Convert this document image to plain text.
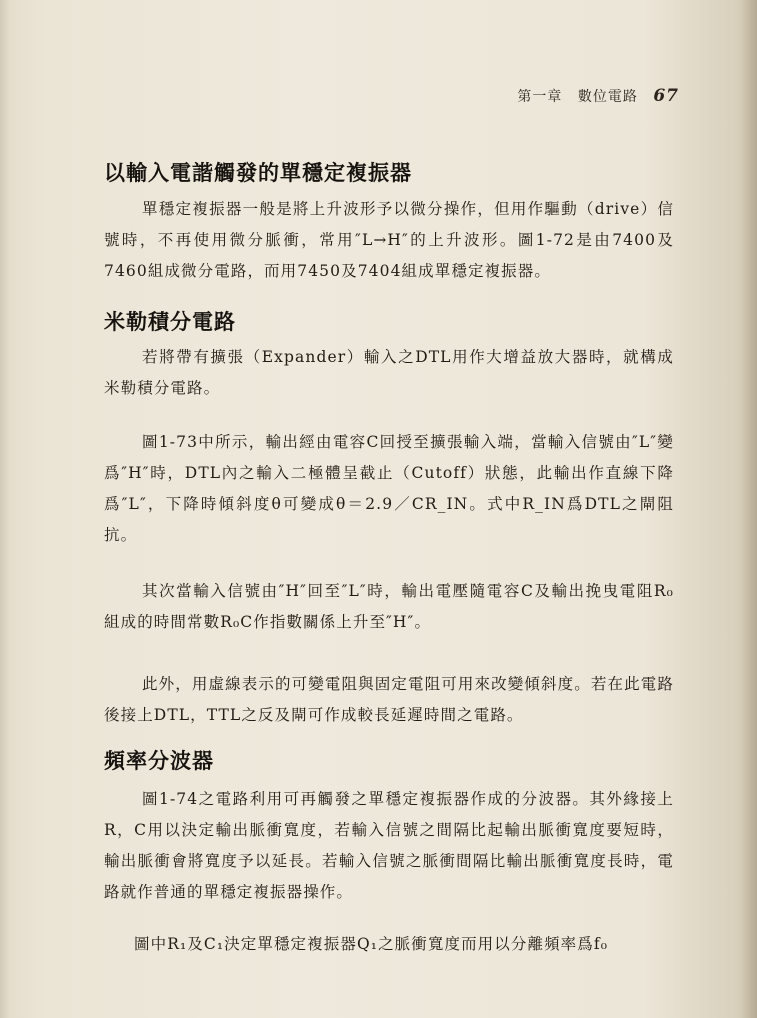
第一章 數位電路 67
以輸入電諧觸發的單穩定複振器

單穩定複振器一般是將上升波形予以微分操作，但用作驅動（drive）信號時，不再使用微分脈衝，常用″L→H″的上升波形。圖1-72是由7400及7460組成微分電路，而用7450及7404組成單穩定複振器。

米勒積分電路

若將帶有擴張（Expander）輸入之DTL用作大增益放大器時，就構成米勒積分電路。

圖1-73中所示，輸出經由電容C回授至擴張輸入端，當輸入信號由″L″變爲″H″時，DTL內之輸入二極體呈截止（Cutoff）狀態，此輸出作直線下降爲″L″，下降時傾斜度θ可變成θ＝2.9／CR_IN。式中R_IN爲DTL之閘阻抗。

其次當輸入信號由″H″回至″L″時，輸出電壓隨電容C及輸出挽曳電阻R₀組成的時間常數R₀C作指數關係上升至″H″。

此外，用虛線表示的可變電阻與固定電阻可用來改變傾斜度。若在此電路後接上DTL，TTL之反及閘可作成較長延遲時間之電路。

頻率分波器

圖1-74之電路利用可再觸發之單穩定複振器作成的分波器。其外緣接上R，C用以決定輸出脈衝寬度，若輸入信號之間隔比起輸出脈衝寬度要短時，輸出脈衝會將寬度予以延長。若輸入信號之脈衝間隔比輸出脈衝寬度長時，電路就作普通的單穩定複振器操作。

圖中R₁及C₁決定單穩定複振器Q₁之脈衝寬度而用以分離頻率爲f₀
